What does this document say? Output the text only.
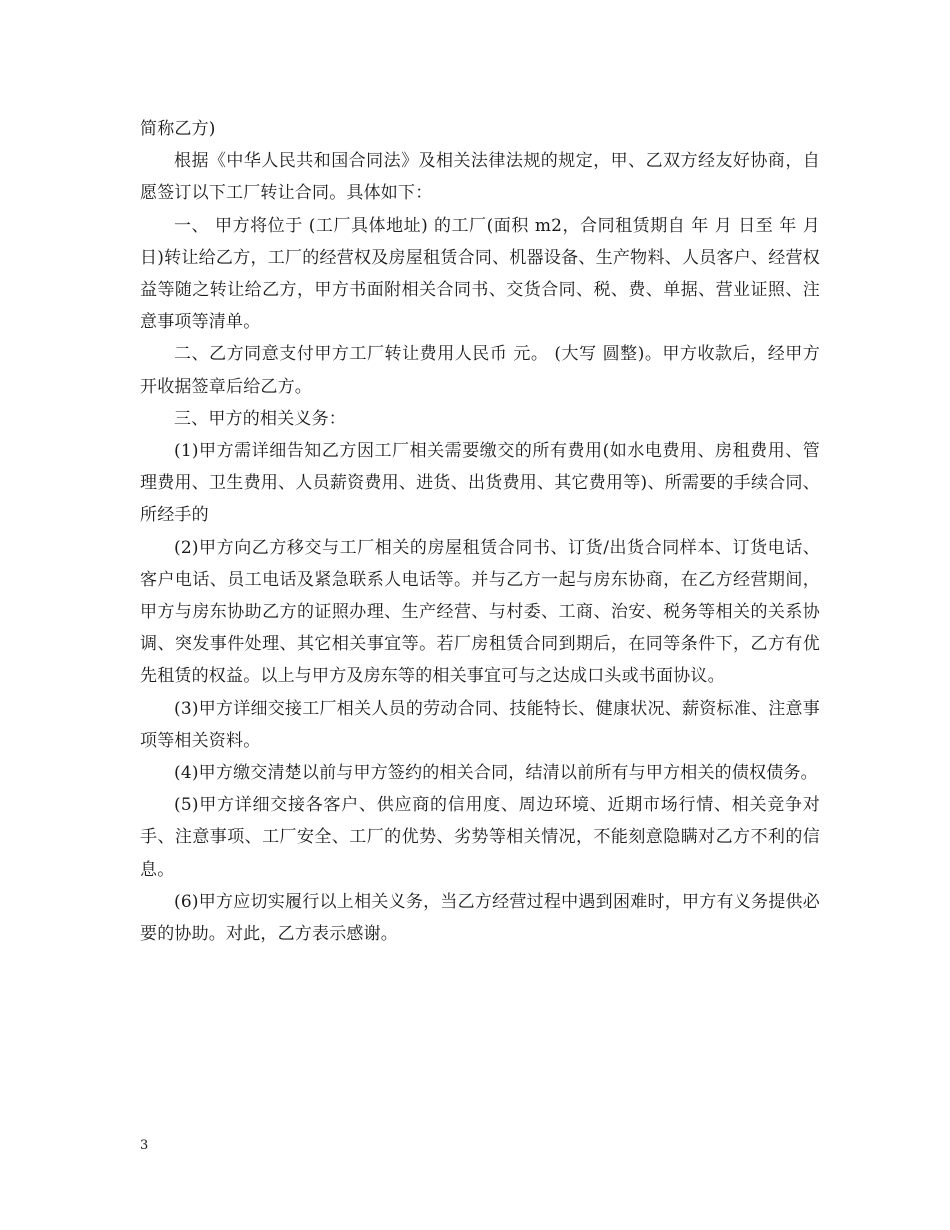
简称乙方)

根据《中华人民共和国合同法》及相关法律法规的规定，甲、乙双方经友好协商，自愿签订以下工厂转让合同。具体如下：

一、 甲方将位于 (工厂具体地址) 的工厂(面积 m2，合同租赁期自 年 月 日至 年 月 日)转让给乙方，工厂的经营权及房屋租赁合同、机器设备、生产物料、人员客户、经营权益等随之转让给乙方，甲方书面附相关合同书、交货合同、税、费、单据、营业证照、注意事项等清单。

二、乙方同意支付甲方工厂转让费用人民币 元。 (大写 圆整)。甲方收款后，经甲方开收据签章后给乙方。

三、甲方的相关义务：

(1)甲方需详细告知乙方因工厂相关需要缴交的所有费用(如水电费用、房租费用、管理费用、卫生费用、人员薪资费用、进货、出货费用、其它费用等)、所需要的手续合同、所经手的

(2)甲方向乙方移交与工厂相关的房屋租赁合同书、订货/出货合同样本、订货电话、客户电话、员工电话及紧急联系人电话等。并与乙方一起与房东协商，在乙方经营期间，甲方与房东协助乙方的证照办理、生产经营、与村委、工商、治安、税务等相关的关系协调、突发事件处理、其它相关事宜等。若厂房租赁合同到期后，在同等条件下，乙方有优先租赁的权益。以上与甲方及房东等的相关事宜可与之达成口头或书面协议。

(3)甲方详细交接工厂相关人员的劳动合同、技能特长、健康状况、薪资标准、注意事项等相关资料。

(4)甲方缴交清楚以前与甲方签约的相关合同，结清以前所有与甲方相关的债权债务。

(5)甲方详细交接各客户、供应商的信用度、周边环境、近期市场行情、相关竞争对手、注意事项、工厂安全、工厂的优势、劣势等相关情况，不能刻意隐瞒对乙方不利的信息。

(6)甲方应切实履行以上相关义务，当乙方经营过程中遇到困难时，甲方有义务提供必要的协助。对此，乙方表示感谢。

3
